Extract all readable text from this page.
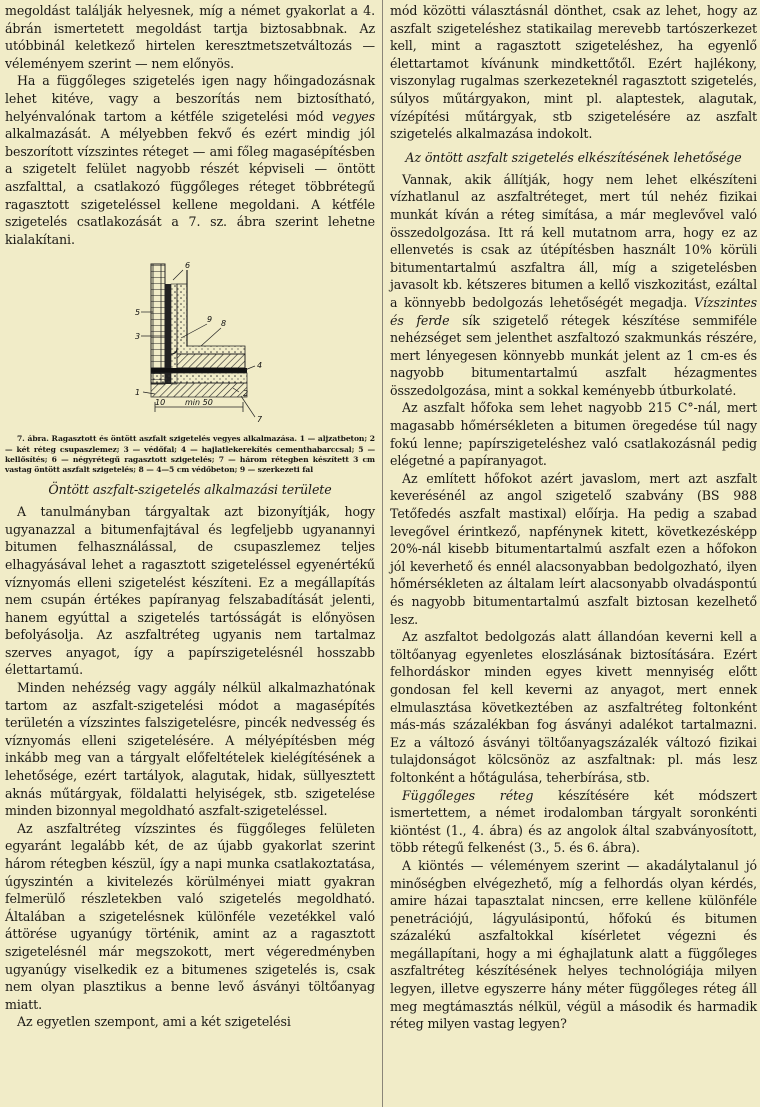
megoldást találják helyesnek, míg a német gyakorlat a 4. ábrán ismertetett megoldást tartja biztosabbnak. Az utóbbinál keletkező hirtelen keresztmetszetváltozás — véleményem szerint — nem előnyös.

Ha a függőleges szigetelés igen nagy hőingadozásnak lehet kitéve, vagy a beszorítás nem biztosítható, helyénvalónak tartom a kétféle szigetelési mód vegyes alkalmazását. A mélyebben fekvő és ezért mindig jól beszorított vízszintes réteget — ami főleg magasépítésben a szigetelt felület nagyobb részét képviseli — öntött aszfalttal, a csatlakozó függőleges réteget többrétegű ragasztott szigeteléssel kellene megoldani. A kétféle szigetelés csatlakozását a 7. sz. ábra szerint lehetne kialakítani.

5
3
6
9 8
4
2
7
1
min 50
10

7. ábra. Ragasztott és öntött aszfalt szigetelés vegyes alkalmazása. 1 — aljzatbeton; 2 — két réteg csupaszlemez; 3 — védőfal; 4 — hajlatlekerekítés cementhabarccsal; 5 — kellősítés; 6 — négyrétegű ragasztott szigetelés; 7 — három rétegben készített 3 cm vastag öntött aszfalt szigetelés; 8 — 4—5 cm védőbeton; 9 — szerkezeti fal

Öntött aszfalt-szigetelés alkalmazási területe

A tanulmányban tárgyaltak azt bizonyítják, hogy ugyanazzal a bitumenfajtával és legfeljebb ugyanannyi bitumen felhasználással, de csupaszlemez teljes elhagyásával lehet a ragasztott szigeteléssel egyenértékű víznyomás elleni szigetelést készíteni. Ez a megállapítás nem csupán értékes papíranyag felszabadítását jelenti, hanem egyúttal a szigetelés tartósságát is előnyösen befolyásolja. Az aszfaltréteg ugyanis nem tartalmaz szerves anyagot, így a papírszigetelésnél hosszabb élettartamú.

Minden nehézség vagy aggály nélkül alkalmazhatónak tartom az aszfalt-szigetelési módot a magasépítés területén a vízszintes falszigetelésre, pincék nedvesség és víznyomás elleni szigetelésére. A mélyépítésben még inkább meg van a tárgyalt előfeltételek kielégítésének a lehetősége, ezért tartályok, alagutak, hidak, süllyesztett aknás műtárgyak, földalatti helyiségek, stb. szigetelése minden bizonnyal megoldható aszfalt-szigeteléssel.

Az aszfaltréteg vízszintes és függőleges felületen egyaránt legalább két, de az újabb gyakorlat szerint három rétegben készül, így a napi munka csatlakoztatása, úgyszintén a kivitelezés körülményei miatt gyakran felmerülő részletekben való szigetelés megoldható. Általában a szigetelésnek különféle vezetékkel való áttörése ugyanúgy történik, amint az a ragasztott szigetelésnél már megszokott, mert végeredményben ugyanúgy viselkedik ez a bitumenes szigetelés is, csak nem olyan plasztikus a benne levő ásványi töltőanyag miatt.

Az egyetlen szempont, ami a két szigetelési

mód közötti választásnál dönthet, csak az lehet, hogy az aszfalt szigeteléshez statikailag merevebb tartószerkezet kell, mint a ragasztott szigeteléshez, ha egyenlő élettartamot kívánunk mindkettőtől. Ezért hajlékony, viszonylag rugalmas szerkezeteknél ragasztott szigetelés, súlyos műtárgyakon, mint pl. alaptestek, alagutak, vízépítési műtárgyak, stb szigetelésére az aszfalt szigetelés alkalmazása indokolt.

Az öntött aszfalt szigetelés elkészítésének lehetősége

Vannak, akik állítják, hogy nem lehet elkészíteni vízhatlanul az aszfaltréteget, mert túl nehéz fizikai munkát kíván a réteg simítása, a már meglevővel való összedolgozása. Itt rá kell mutatnom arra, hogy ez az ellenvetés is csak az útépítésben használt 10% körüli bitumentartalmú aszfaltra áll, míg a szigetelésben javasolt kb. kétszeres bitumen a kellő viszkozitást, ezáltal a könnyebb bedolgozás lehetőségét megadja. Vízszintes és ferde sík szigetelő rétegek készítése semmiféle nehézséget sem jelenthet aszfaltozó szakmunkás részére, mert lényegesen könnyebb munkát jelent az 1 cm-es és nagyobb bitumentartalmú aszfalt hézagmentes összedolgozása, mint a sokkal keményebb útburkolaté.

Az aszfalt hőfoka sem lehet nagyobb 215 C°-nál, mert magasabb hőmérsékleten a bitumen öregedése túl nagy fokú lenne; papírszigeteléshez való csatlakozásnál pedig elégetné a papíranyagot.

Az említett hőfokot azért javaslom, mert azt aszfalt keverésénél az angol szigetelő szabvány (BS 988 Tetőfedés aszfalt mastixal) előírja. Ha pedig a szabad levegővel érintkező, napfénynek kitett, következésképp 20%-nál kisebb bitumentartalmú aszfalt ezen a hőfokon jól keverhető és ennél alacsonyabban bedolgozható, ilyen hőmérsékleten az általam leírt alacsonyabb olvadáspontú és nagyobb bitumentartalmú aszfalt biztosan kezelhető lesz.

Az aszfaltot bedolgozás alatt állandóan keverni kell a töltőanyag egyenletes eloszlásának biztosítására. Ezért felhordáskor minden egyes kivett mennyiség előtt gondosan fel kell keverni az anyagot, mert ennek elmulasztása következtében az aszfaltréteg foltonként más-más százalékban fog ásványi adalékot tartalmazni. Ez a változó ásványi töltőanyagszázalék változó fizikai tulajdonságot kölcsönöz az aszfaltnak: pl. más lesz foltonként a hőtágulása, teherbírása, stb.

Függőleges réteg készítésére két módszert ismertettem, a német irodalomban tárgyalt soronkénti kiöntést (1., 4. ábra) és az angolok által szabványosított, több rétegű felkenést (3., 5. és 6. ábra).

A kiöntés — véleményem szerint — akadálytalanul jó minőségben elvégezhető, míg a felhordás olyan kérdés, amire házai tapasztalat nincsen, erre kellene különféle penetrációjú, lágyulásipontú, hőfokú és bitumen százalékú aszfaltokkal kísérletet végezni és megállapítani, hogy a mi éghajlatunk alatt a függőleges aszfaltréteg készítésének helyes technológiája milyen legyen, illetve egyszerre hány méter függőleges réteg áll meg megtámasztás nélkül, végül a második és harmadik réteg milyen vastag legyen?
